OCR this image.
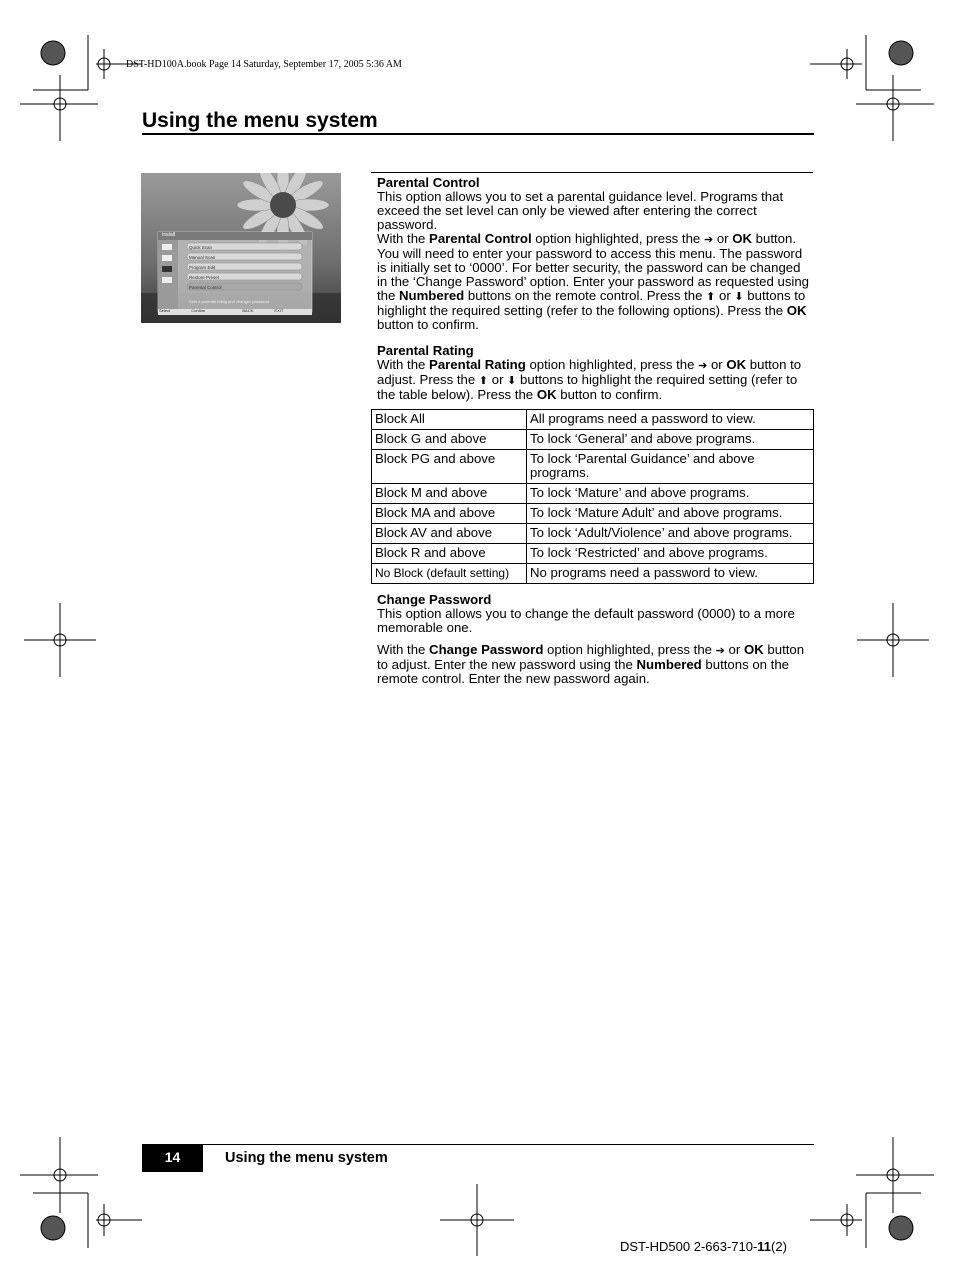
DST-HD100A.book Page 14 Saturday, September 17, 2005 5:36 AM
Using the menu system
Install
Quick Scan
Manual Scan
Program Edit
Restore Preset
Parental Control
Sets a parental rating and changes password
Select	Confirm	BACK	EXIT

Parental Control

This option allows you to set a parental guidance level. Programs that exceed the set level can only be viewed after entering the correct password.

With the Parental Control option highlighted, press the ➔ or OK button. You will need to enter your password to access this menu. The password is initially set to ‘0000’. For better security, the password can be changed in the ‘Change Password’ option. Enter your password as requested using the Numbered buttons on the remote control. Press the ⬆ or ⬇ buttons to highlight the required setting (refer to the following options). Press the OK button to confirm.

Parental Rating

With the Parental Rating option highlighted, press the ➔ or OK button to adjust. Press the ⬆ or ⬇ buttons to highlight the required setting (refer to the table below). Press the OK button to confirm.

Block All	All programs need a password to view.
Block G and above	To lock ‘General’ and above programs.
Block PG and above	To lock ‘Parental Guidance’ and above programs.
Block M and above	To lock ‘Mature’ and above programs.
Block MA and above	To lock ‘Mature Adult’ and above programs.
Block AV and above	To lock ‘Adult/Violence’ and above programs.
Block R and above	To lock ‘Restricted’ and above programs.
No Block (default setting)	No programs need a password to view.

Change Password

This option allows you to change the default password (0000) to a more memorable one.

With the Change Password option highlighted, press the ➔ or OK button to adjust. Enter the new password using the Numbered buttons on the remote control. Enter the new password again.

14	Using the menu system
DST-HD500 2-663-710-11(2)
